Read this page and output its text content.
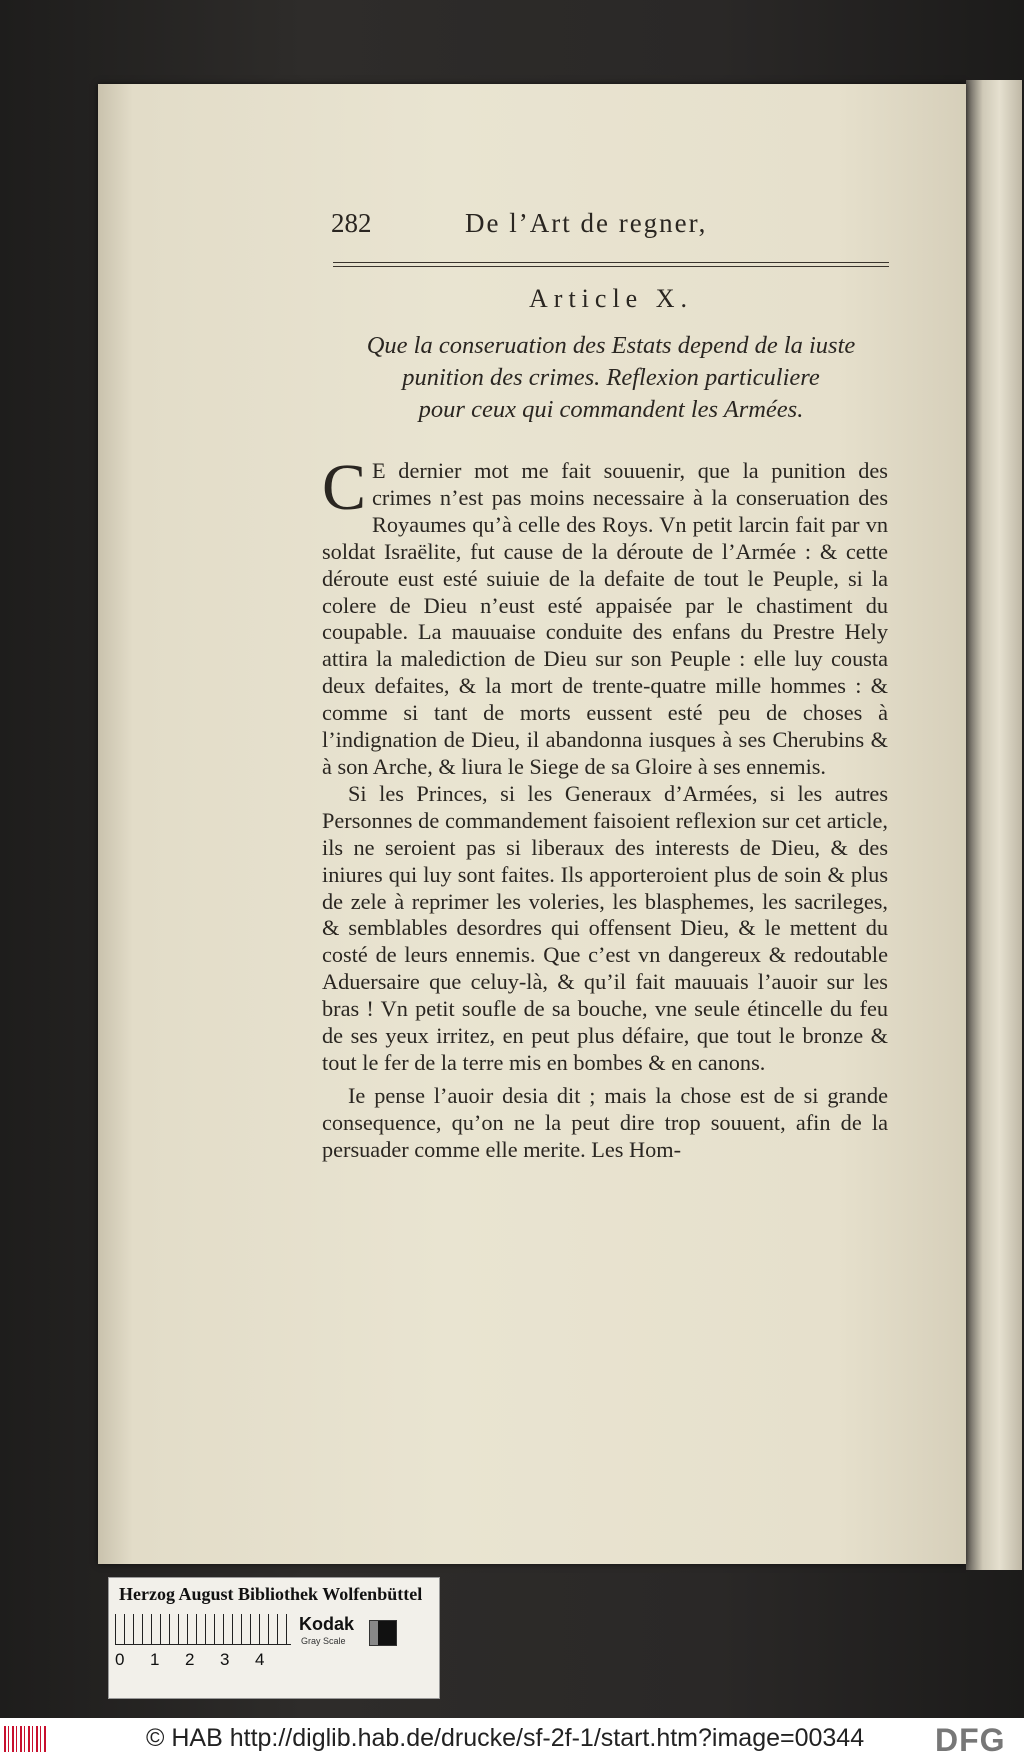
282	De l’Art de regner,
Article X.
Que la conseruation des Estats depend de la iuste
punition des crimes. Reflexion particuliere
pour ceux qui commandent les Armées.

C E dernier mot me fait souuenir, que la punition des crimes n’est pas moins necessaire à la conseruation des Royaumes qu’à celle des Roys. Vn petit larcin fait par vn soldat Israëlite, fut cause de la déroute de l’Armée : & cette déroute eust esté suiuie de la defaite de tout le Peuple, si la colere de Dieu n’eust esté appaisée par le chastiment du coupable. La mauuaise conduite des enfans du Prestre Hely attira la malediction de Dieu sur son Peuple : elle luy cousta deux defaites, & la mort de trente-quatre mille hommes : & comme si tant de morts eussent esté peu de choses à l’indignation de Dieu, il abandonna iusques à ses Cherubins & à son Arche, & liura le Siege de sa Gloire à ses ennemis.

Si les Princes, si les Generaux d’Armées, si les autres Personnes de commandement faisoient reflexion sur cet article, ils ne seroient pas si liberaux des interests de Dieu, & des iniures qui luy sont faites. Ils apporteroient plus de soin & plus de zele à reprimer les voleries, les blasphemes, les sacrileges, & semblables desordres qui offensent Dieu, & le mettent du costé de leurs ennemis. Que c’est vn dangereux & redoutable Aduersaire que celuy-là, & qu’il fait mauuais l’auoir sur les bras ! Vn petit soufle de sa bouche, vne seule étincelle du feu de ses yeux irritez, en peut plus défaire, que tout le bronze & tout le fer de la terre mis en bombes & en canons.

Ie pense l’auoir desia dit ; mais la chose est de si grande consequence, qu’on ne la peut dire trop souuent, afin de la persuader comme elle merite. Les Hom-

Herzog August Bibliothek Wolfenbüttel
0 1 2 3 4
Kodak
Gray Scale
© HAB http://diglib.hab.de/drucke/sf-2f-1/start.htm?image=00344 DFG
